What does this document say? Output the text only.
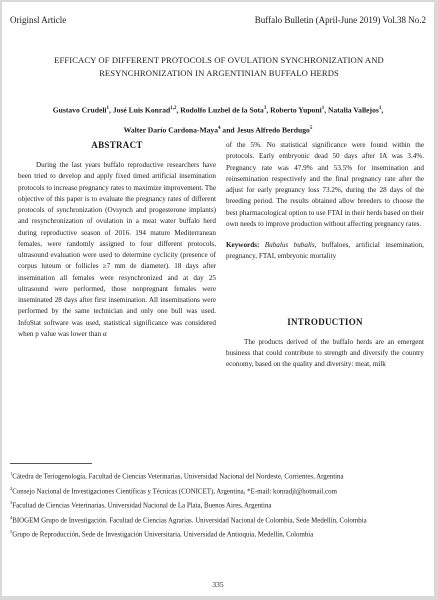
Originsl Article	Buffalo Bulletin (April-June 2019) Vol.38 No.2
EFFICACY OF DIFFERENT PROTOCOLS OF OVULATION SYNCHRONIZATION AND RESYNCHRONIZATION IN ARGENTINIAN BUFFALO HERDS
Gustavo Crudeli$^1$, José Luis Konrad$^{1,2}$, Rodolfo Luzbel de la Sota$^3$, Roberto Yuponi$^1$, Natalia Vallejos$^1$, Walter Darío Cardona-Maya$^4$ and Jesus Alfredo Berdugo$^5$
ABSTRACT

During the last years buffalo reproductive researchers have been tried to develop and apply fixed timed artificial insemination protocols to increase pregnancy rates to maximize improvement. The objective of this paper is to evaluate the pregnancy rates of different protocols of synchronization (Ovsynch and progesterone implants) and resynchronization of ovulation in a meat water buffalo herd during reproductive season of 2016. 194 mature Mediterranean females, were randomly assigned to four different protocols, ultrasound evaluation were used to determine cyclicity (presence of corpus luteum or follicles ≥7 mm de diameter). 18 days after insemination all females were resynchronized and at day 25 ultrasound were performed, those nonpregnant females were inseminated 28 days after first insemination. All inseminations were performed by the same technician and only one bull was used. InfoStat software was used, statistical significance was considered when p value was lower than α

of the 5%. No statistical significance were found within the protocols. Early embryonic dead 50 days after IA was 3.4%. Pregnancy rate was 47.9% and 53.5% for insemination and reinsemination respectively and the final pregnancy rate after the adjust for early pregnancy loss 73.2%, during the 28 days of the breeding period. The results obtained allow breeders to choose the best pharmacological option to use FTAI in their herds based on their own needs to improve production without affecting pregnancy rates.

Keywords: Bubalus bubalis, buffaloes, artificial insemination, pregnancy, FTAI, embryonic mortality

INTRODUCTION

The products derived of the buffalo herds are an emergent business that could contribute to strength and diversify the country economy, based on the quality and diversity: meat, milk

$^1$Cátedra de Teriogenología, Facultad de Ciencias Veterinarias, Universidad Nacional del Nordeste, Corrientes, Argentina

$^2$Consejo Nacional de Investigaciones Científicas y Técnicas (CONICET), Argentina, *E-mail: konradjl@hotmail.com

$^3$Facultad de Ciencias Veterinarias, Universidad Nacional de La Plata, Buenos Aires, Argentina

$^4$BIOGEM Grupo de Investigación. Facultad de Ciencias Agrarias. Universidad Nacional de Colombia, Sede Medellín, Colombia

$^5$Grupo de Reproducción, Sede de Investigación Universitaria, Universidad de Antioquia, Medellín, Colombia

335
